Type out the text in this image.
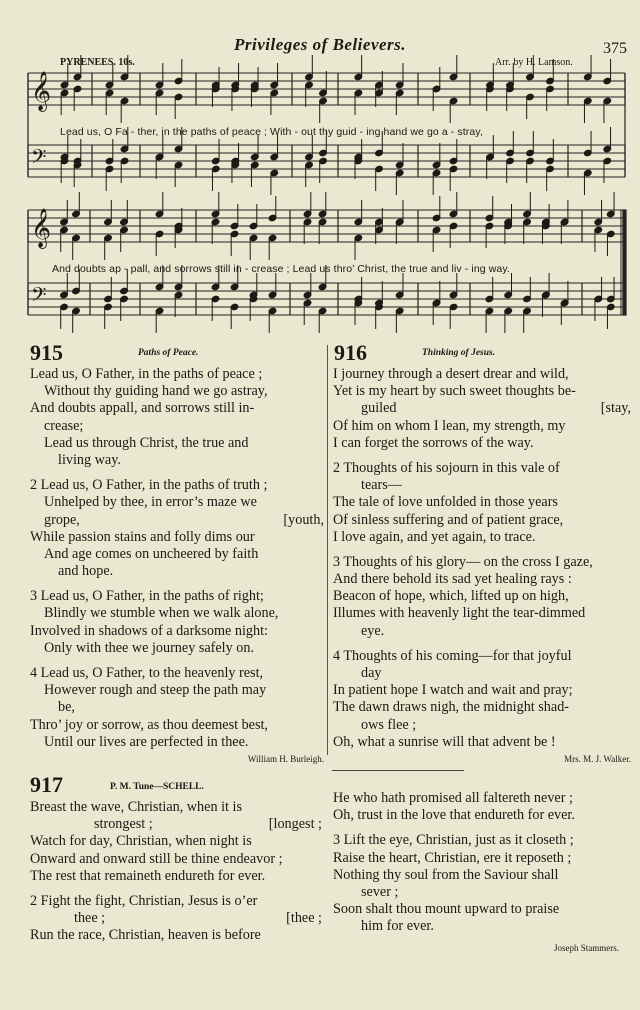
Privileges of Believers.	375
PYRENEES. 10s.	Arr. by H. Lamson.
𝄞
𝄢
𝄞
𝄢
Lead us, O Fa - ther, in the paths of peace ; With - out thy guid - ing hand we go a - stray,
And doubts ap - pall, and sorrows still in - crease ; Lead us thro’ Christ, the true and liv - ing way.
915	Paths of Peace.
Lead us, O Father, in the paths of peace ;
Without thy guiding hand we go astray,
And doubts appall, and sorrows still in-
crease;
Lead us through Christ, the true and
living way.
2 Lead us, O Father, in the paths of truth ;
Unhelped by thee, in error’s maze we
grope,	[youth,
While passion stains and folly dims our
And age comes on uncheered by faith
and hope.
3 Lead us, O Father, in the paths of right;
Blindly we stumble when we walk alone,
Involved in shadows of a darksome night:
Only with thee we journey safely on.
4 Lead us, O Father, to the heavenly rest,
However rough and steep the path may
be,
Thro’ joy or sorrow, as thou deemest best,
Until our lives are perfected in thee.
William H. Burleigh.
916	Thinking of Jesus.
I journey through a desert drear and wild,
Yet is my heart by such sweet thoughts be-
guiled	[stay,
Of him on whom I lean, my strength, my
I can forget the sorrows of the way.
2 Thoughts of his sojourn in this vale of
tears—
The tale of love unfolded in those years
Of sinless suffering and of patient grace,
I love again, and yet again, to trace.
3 Thoughts of his glory— on the cross I gaze,
And there behold its sad yet healing rays :
Beacon of hope, which, lifted up on high,
Illumes with heavenly light the tear-dimmed
eye.
4 Thoughts of his coming—for that joyful
day
In patient hope I watch and wait and pray;
The dawn draws nigh, the midnight shad-
ows flee ;
Oh, what a sunrise will that advent be !
Mrs. M. J. Walker.
917	P. M. Tune—SCHELL.
Breast the wave, Christian, when it is
strongest ;	[longest ;
Watch for day, Christian, when night is
Onward and onward still be thine endeavor ;
The rest that remaineth endureth for ever.
2 Fight the fight, Christian, Jesus is o’er
thee ;	[thee ;
Run the race, Christian, heaven is before
He who hath promised all faltereth never ;
Oh, trust in the love that endureth for ever.
3 Lift the eye, Christian, just as it closeth ;
Raise the heart, Christian, ere it reposeth ;
Nothing thy soul from the Saviour shall
sever ;
Soon shalt thou mount upward to praise
him for ever.
Joseph Stammers.
